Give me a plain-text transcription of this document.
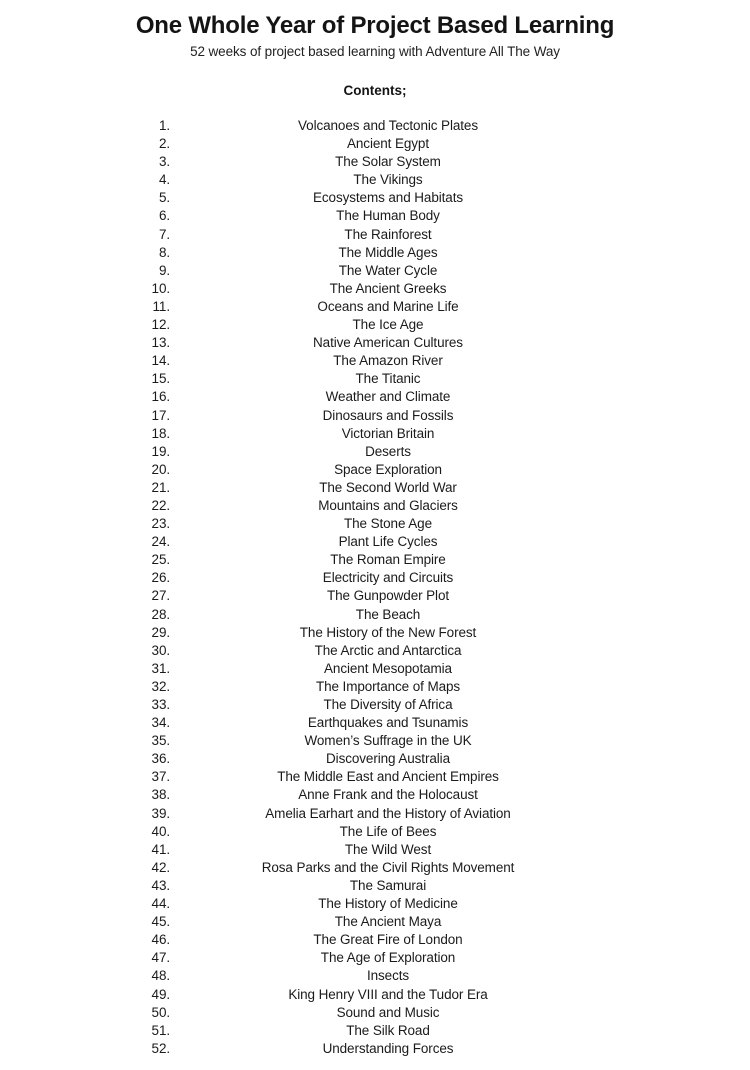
One Whole Year of Project Based Learning

52 weeks of project based learning with Adventure All The Way

Contents;
1.	Volcanoes and Tectonic Plates
2.	Ancient Egypt
3.	The Solar System
4.	The Vikings
5.	Ecosystems and Habitats
6.	The Human Body
7.	The Rainforest
8.	The Middle Ages
9.	The Water Cycle
10.	The Ancient Greeks
11.	Oceans and Marine Life
12.	The Ice Age
13.	Native American Cultures
14.	The Amazon River
15.	The Titanic
16.	Weather and Climate
17.	Dinosaurs and Fossils
18.	Victorian Britain
19.	Deserts
20.	Space Exploration
21.	The Second World War
22.	Mountains and Glaciers
23.	The Stone Age
24.	Plant Life Cycles
25.	The Roman Empire
26.	Electricity and Circuits
27.	The Gunpowder Plot
28.	The Beach
29.	The History of the New Forest
30.	The Arctic and Antarctica
31.	Ancient Mesopotamia
32.	The Importance of Maps
33.	The Diversity of Africa
34.	Earthquakes and Tsunamis
35.	Women’s Suffrage in the UK
36.	Discovering Australia
37.	The Middle East and Ancient Empires
38.	Anne Frank and the Holocaust
39.	Amelia Earhart and the History of Aviation
40.	The Life of Bees
41.	The Wild West
42.	Rosa Parks and the Civil Rights Movement
43.	The Samurai
44.	The History of Medicine
45.	The Ancient Maya
46.	The Great Fire of London
47.	The Age of Exploration
48.	Insects
49.	King Henry VIII and the Tudor Era
50.	Sound and Music
51.	The Silk Road
52.	Understanding Forces
